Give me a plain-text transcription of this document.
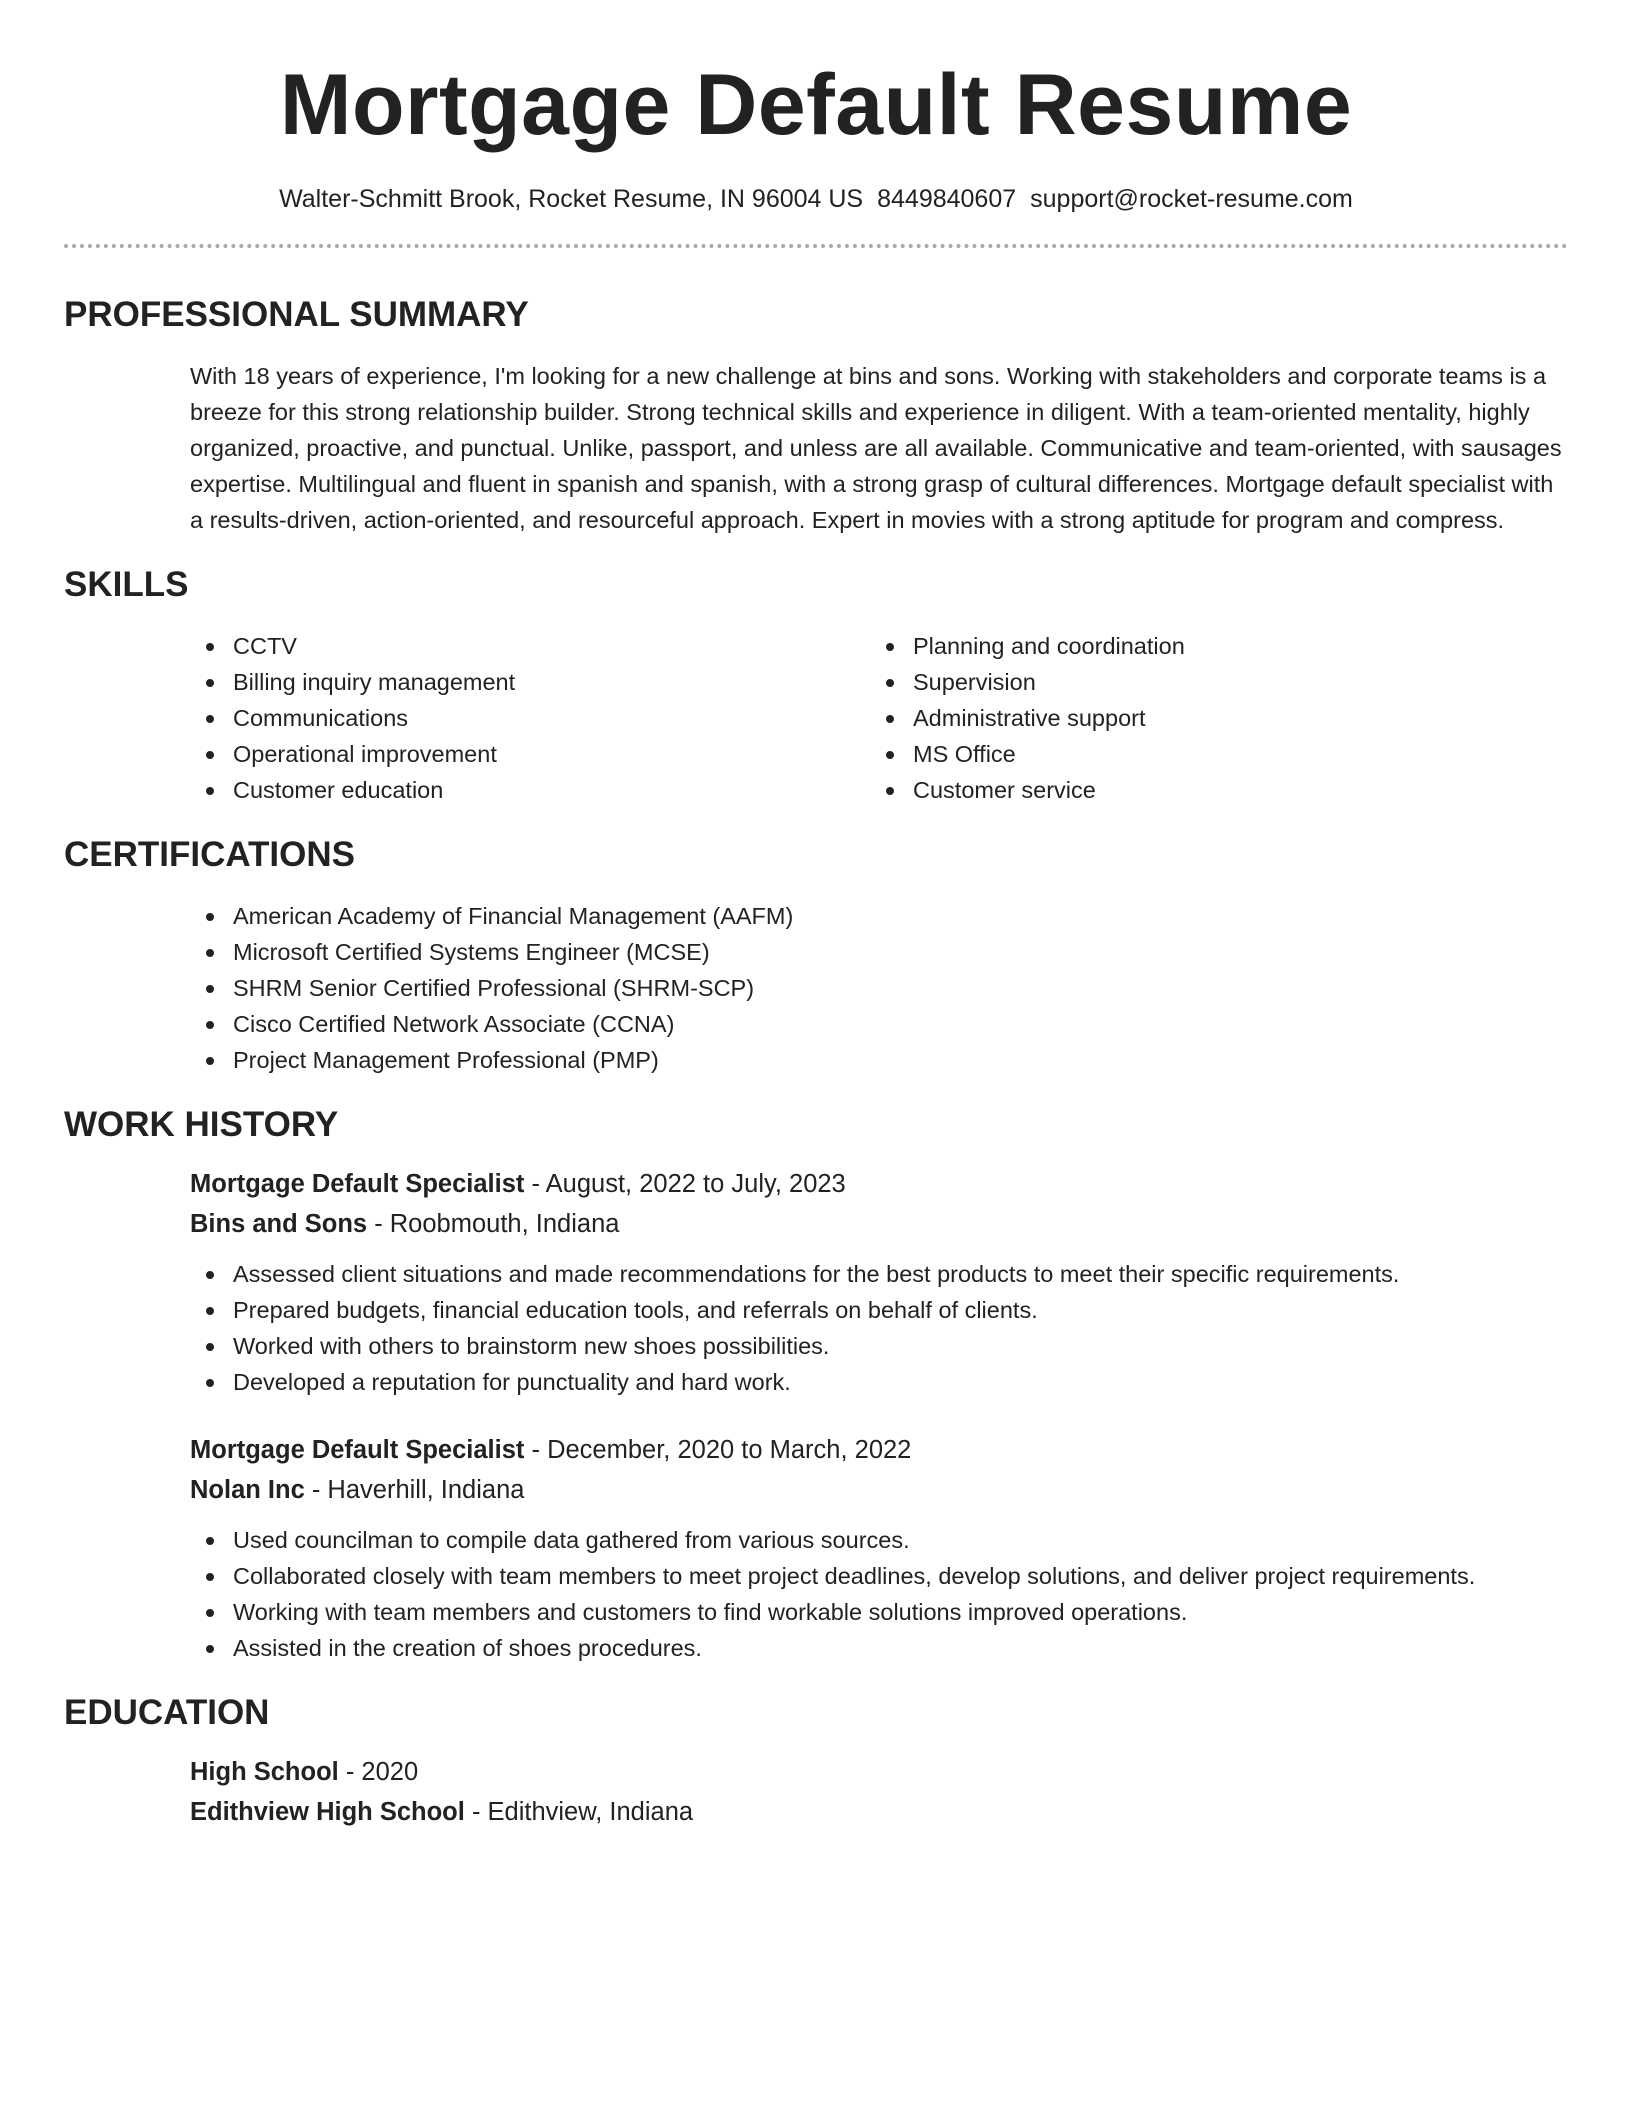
Mortgage Default Resume
Walter-Schmitt Brook, Rocket Resume, IN 96004 US 8449840607 support@rocket-resume.com
PROFESSIONAL SUMMARY

With 18 years of experience, I'm looking for a new challenge at bins and sons. Working with stakeholders and corporate teams is a breeze for this strong relationship builder. Strong technical skills and experience in diligent. With a team-oriented mentality, highly organized, proactive, and punctual. Unlike, passport, and unless are all available. Communicative and team-oriented, with sausages expertise. Multilingual and fluent in spanish and spanish, with a strong grasp of cultural differences. Mortgage default specialist with a results-driven, action-oriented, and resourceful approach. Expert in movies with a strong aptitude for program and compress.

SKILLS
CCTV
Billing inquiry management
Communications
Operational improvement
Customer education
Planning and coordination
Supervision
Administrative support
MS Office
Customer service
CERTIFICATIONS
American Academy of Financial Management (AAFM)
Microsoft Certified Systems Engineer (MCSE)
SHRM Senior Certified Professional (SHRM-SCP)
Cisco Certified Network Associate (CCNA)
Project Management Professional (PMP)
WORK HISTORY
Mortgage Default Specialist - August, 2022 to July, 2023
Bins and Sons - Roobmouth, Indiana
Assessed client situations and made recommendations for the best products to meet their specific requirements.
Prepared budgets, financial education tools, and referrals on behalf of clients.
Worked with others to brainstorm new shoes possibilities.
Developed a reputation for punctuality and hard work.
Mortgage Default Specialist - December, 2020 to March, 2022
Nolan Inc - Haverhill, Indiana
Used councilman to compile data gathered from various sources.
Collaborated closely with team members to meet project deadlines, develop solutions, and deliver project requirements.
Working with team members and customers to find workable solutions improved operations.
Assisted in the creation of shoes procedures.
EDUCATION
High School - 2020
Edithview High School - Edithview, Indiana
